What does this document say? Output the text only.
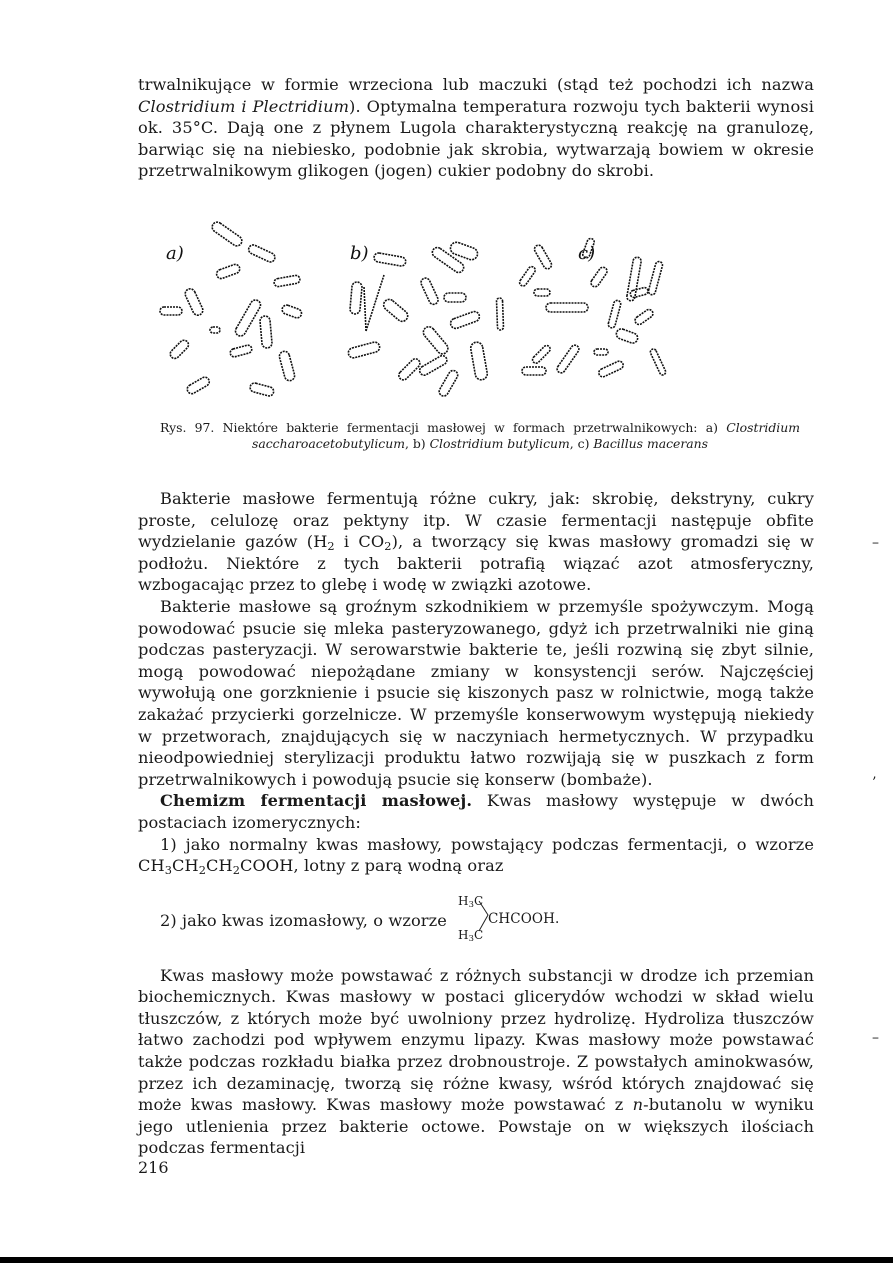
trwalnikujące w formie wrzeciona lub maczuki (stąd też pochodzi ich nazwa Clostridium i Plectridium). Optymalna temperatura rozwoju tych bakterii wynosi ok. 35°C. Dają one z płynem Lugola charakterystyczną reakcję na granulozę, barwiąc się na niebiesko, podobnie jak skrobia, wytwarzają bowiem w okresie przetrwalnikowym glikogen (jogen) cukier podobny do skrobi.

a)	b)	c)
Rys. 97. Niektóre bakterie fermentacji masłowej w formach przetrwalnikowych: a) Clostridium saccharoacetobutylicum, b) Clostridium butylicum, c) Bacillus macerans

Bakterie masłowe fermentują różne cukry, jak: skrobię, dekstryny, cukry proste, celulozę oraz pektyny itp. W czasie fermentacji następuje obfite wydzielanie gazów ($H_2$ i $CO_2$), a tworzący się kwas masłowy gromadzi się w podłożu. Niektóre z tych bakterii potrafią wiązać azot atmosferyczny, wzbogacając przez to glebę i wodę w związki azotowe.

Bakterie masłowe są groźnym szkodnikiem w przemyśle spożywczym. Mogą powodować psucie się mleka pasteryzowanego, gdyż ich przetrwalniki nie giną podczas pasteryzacji. W serowarstwie bakterie te, jeśli rozwiną się zbyt silnie, mogą powodować niepożądane zmiany w konsystencji serów. Najczęściej wywołują one gorzknienie i psucie się kiszonych pasz w rolnictwie, mogą także zakażać przycierki gorzelnicze. W przemyśle konserwowym występują niekiedy w przetworach, znajdujących się w naczyniach hermetycznych. W przypadku nieodpowiedniej sterylizacji produktu łatwo rozwijają się w puszkach z form przetrwalnikowych i powodują psucie się konserw (bombaże).

Chemizm fermentacji masłowej. Kwas masłowy występuje w dwóch postaciach izomerycznych:

1) jako normalny kwas masłowy, powstający podczas fermentacji, o wzorze $CH_3CH_2CH_2COOH$, lotny z parą wodną oraz

2) jako kwas izomasłowy, o wzorze
$H_3C$
CHCOOH.
$H_3C$

Kwas masłowy może powstawać z różnych substancji w drodze ich przemian biochemicznych. Kwas masłowy w postaci glicerydów wchodzi w skład wielu tłuszczów, z których może być uwolniony przez hydrolizę. Hydroliza tłuszczów łatwo zachodzi pod wpływem enzymu lipazy. Kwas masłowy może powstawać także podczas rozkładu białka przez drobnoustroje. Z powstałych aminokwasów, przez ich dezaminację, tworzą się różne kwasy, wśród których znajdować się może kwas masłowy. Kwas masłowy może powstawać z n-butanolu w wyniku jego utlenienia przez bakterie octowe. Powstaje on w większych ilościach podczas fermentacji

216
–
’
–
